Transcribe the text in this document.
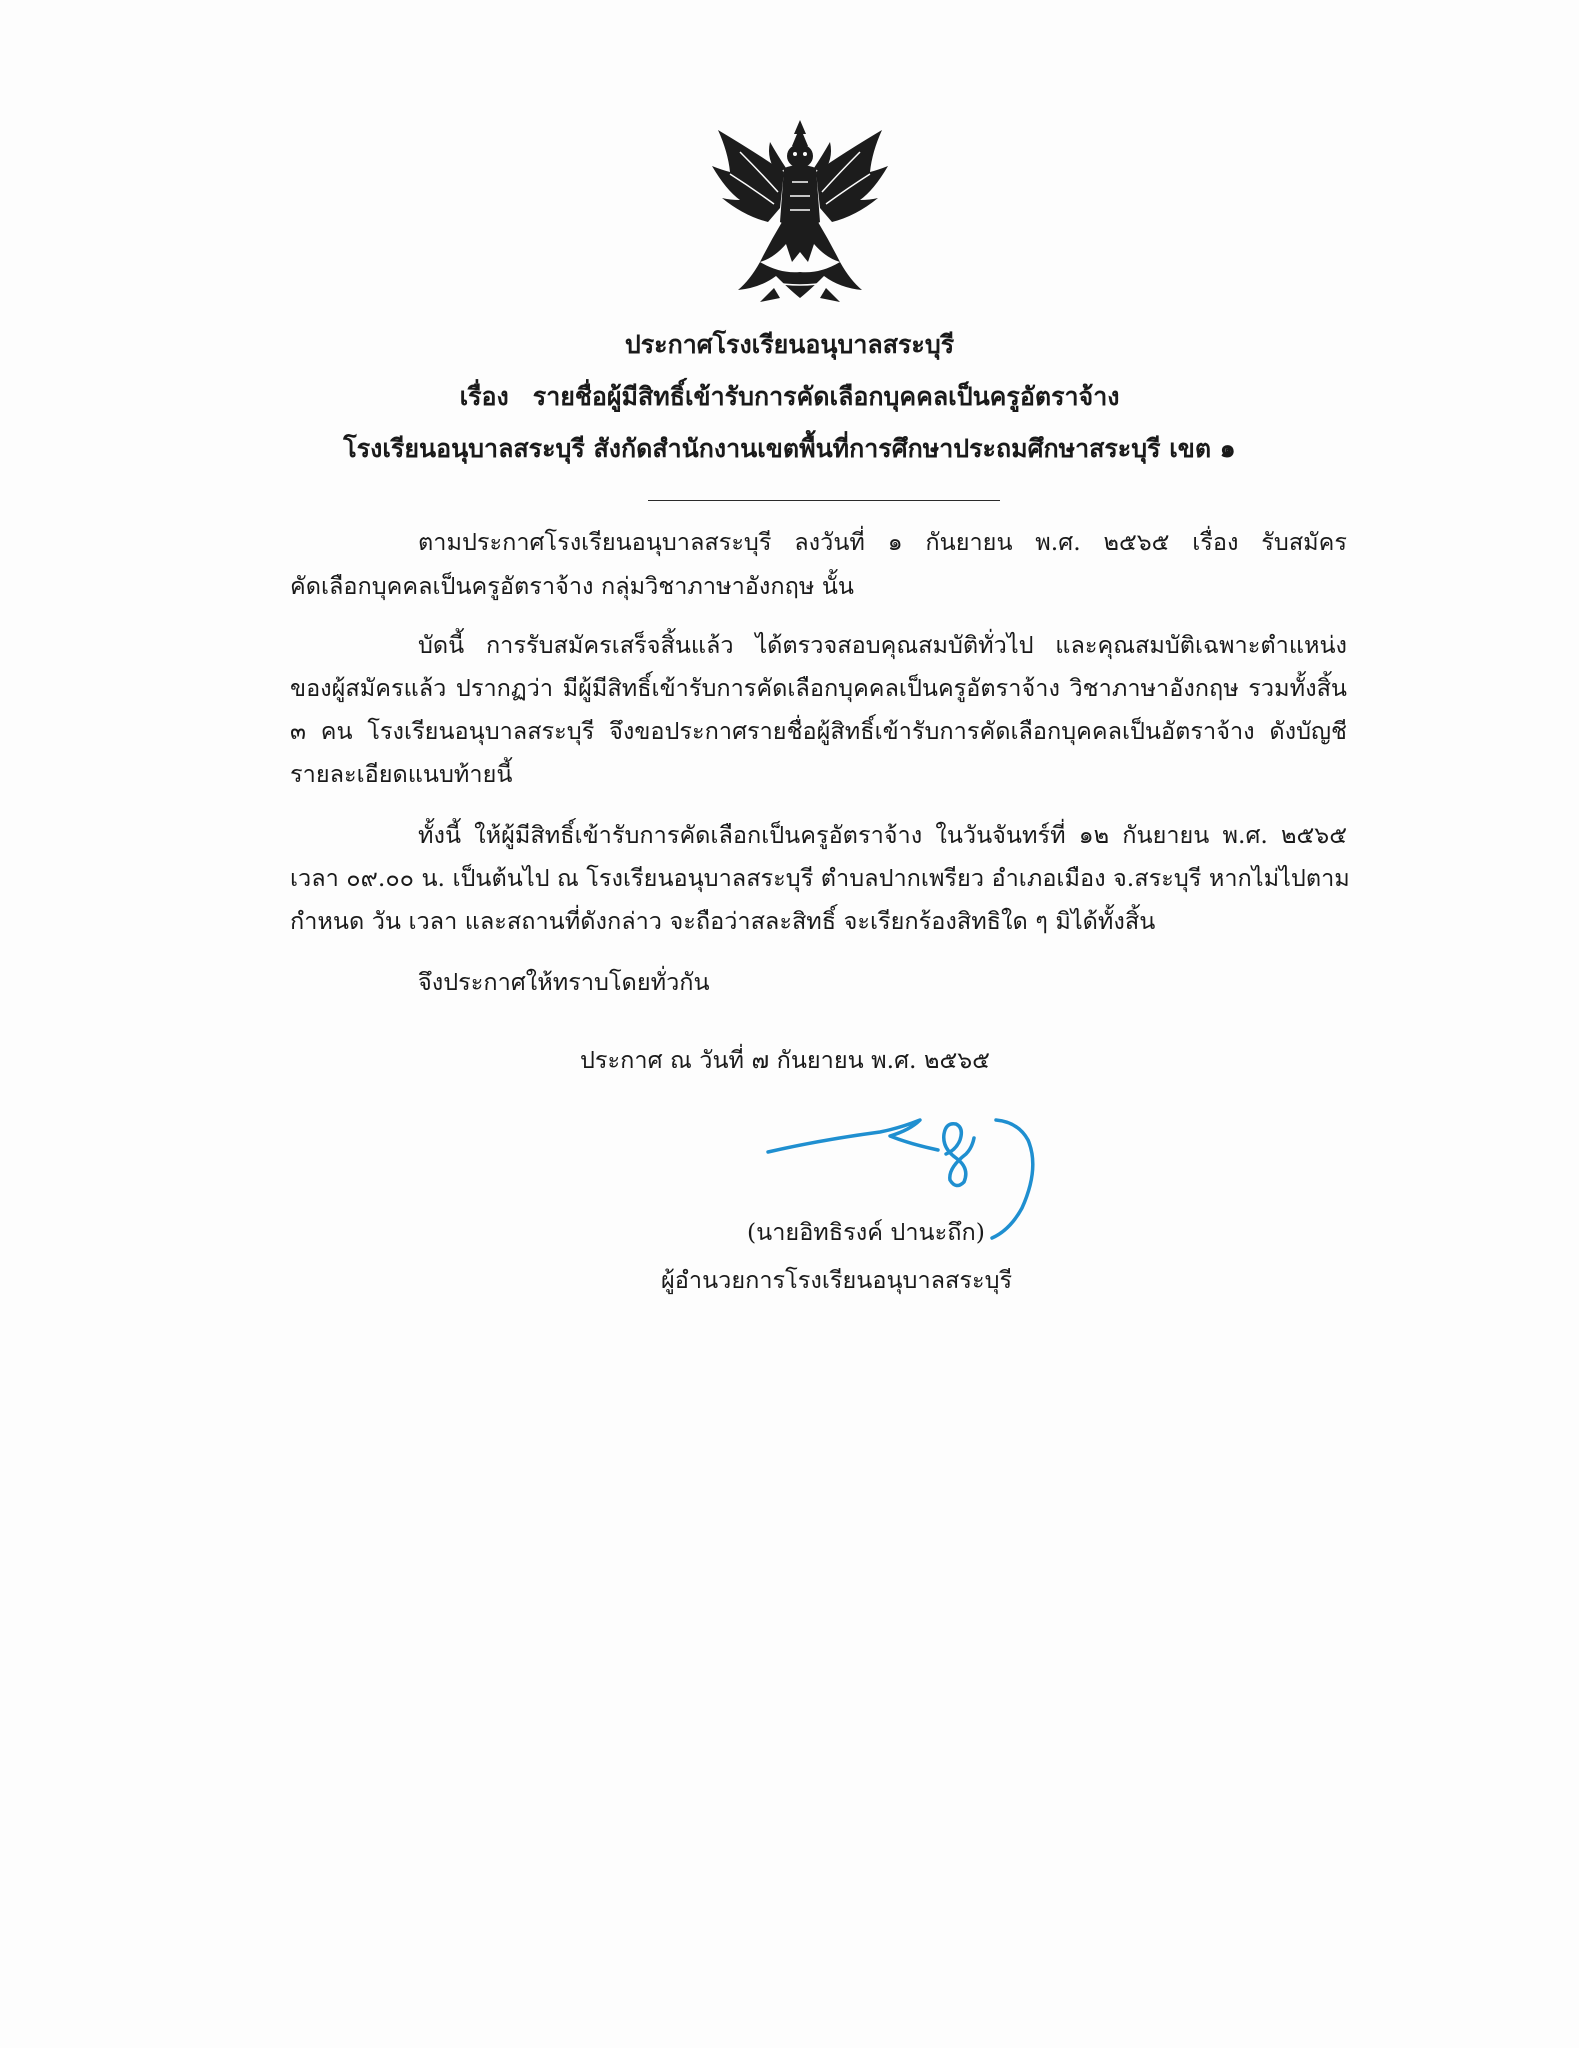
ประกาศโรงเรียนอนุบาลสระบุรี
เรื่อง รายชื่อผู้มีสิทธิ์เข้ารับการคัดเลือกบุคคลเป็นครูอัตราจ้าง
โรงเรียนอนุบาลสระบุรี สังกัดสำนักงานเขตพื้นที่การศึกษาประถมศึกษาสระบุรี เขต ๑
ตามประกาศโรงเรียนอนุบาลสระบุรี ลงวันที่ ๑ กันยายน พ.ศ. ๒๕๖๕ เรื่อง รับสมัคร
คัดเลือกบุคคลเป็นครูอัตราจ้าง กลุ่มวิชาภาษาอังกฤษ นั้น
บัดนี้ การรับสมัครเสร็จสิ้นแล้ว ได้ตรวจสอบคุณสมบัติทั่วไป และคุณสมบัติเฉพาะตำแหน่ง
ของผู้สมัครแล้ว ปรากฏว่า มีผู้มีสิทธิ์เข้ารับการคัดเลือกบุคคลเป็นครูอัตราจ้าง วิชาภาษาอังกฤษ รวมทั้งสิ้น
๓ คน โรงเรียนอนุบาลสระบุรี จึงขอประกาศรายชื่อผู้สิทธิ์เข้ารับการคัดเลือกบุคคลเป็นอัตราจ้าง ดังบัญชี
รายละเอียดแนบท้ายนี้
ทั้งนี้ ให้ผู้มีสิทธิ์เข้ารับการคัดเลือกเป็นครูอัตราจ้าง ในวันจันทร์ที่ ๑๒ กันยายน พ.ศ. ๒๕๖๕
เวลา ๐๙.๐๐ น. เป็นต้นไป ณ โรงเรียนอนุบาลสระบุรี ตำบลปากเพรียว อำเภอเมือง จ.สระบุรี หากไม่ไปตาม
กำหนด วัน เวลา และสถานที่ดังกล่าว จะถือว่าสละสิทธิ์ จะเรียกร้องสิทธิใด ๆ มิได้ทั้งสิ้น
จึงประกาศให้ทราบโดยทั่วกัน
ประกาศ ณ วันที่ ๗ กันยายน พ.ศ. ๒๕๖๕
(นายอิทธิรงค์ ปานะถึก)
ผู้อำนวยการโรงเรียนอนุบาลสระบุรี
